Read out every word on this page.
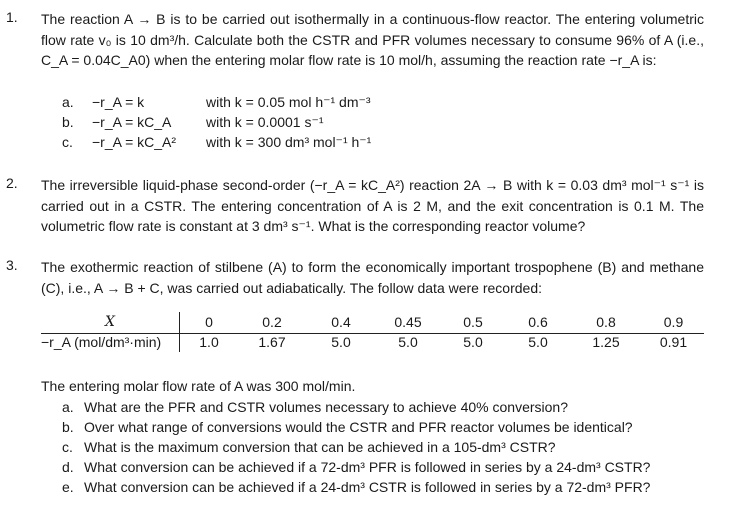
1. The reaction A → B is to be carried out isothermally in a continuous-flow reactor. The entering volumetric flow rate v₀ is 10 dm³/h. Calculate both the CSTR and PFR volumes necessary to consume 96% of A (i.e., C_A = 0.04C_A0) when the entering molar flow rate is 10 mol/h, assuming the reaction rate −r_A is:
a. −r_A = k	with k = 0.05 mol h⁻¹ dm⁻³
b. −r_A = kC_A with k = 0.0001 s⁻¹
c. −r_A = kC_A² with k = 300 dm³ mol⁻¹ h⁻¹
2. The irreversible liquid-phase second-order (−r_A = kC_A²) reaction 2A → B with k = 0.03 dm³ mol⁻¹ s⁻¹ is carried out in a CSTR. The entering concentration of A is 2 M, and the exit concentration is 0.1 M. The volumetric flow rate is constant at 3 dm³ s⁻¹. What is the corresponding reactor volume?
3. The exothermic reaction of stilbene (A) to form the economically important trospophene (B) and methane (C), i.e., A → B + C, was carried out adiabatically. The follow data were recorded:
X	0	0.2	0.4	0.45	0.5	0.6	0.8	0.9
−r_A (mol/dm³·min)	1.0	1.67	5.0	5.0	5.0	5.0	1.25	0.91
The entering molar flow rate of A was 300 mol/min.
a. What are the PFR and CSTR volumes necessary to achieve 40% conversion?
b. Over what range of conversions would the CSTR and PFR reactor volumes be identical?
c. What is the maximum conversion that can be achieved in a 105-dm³ CSTR?
d. What conversion can be achieved if a 72-dm³ PFR is followed in series by a 24-dm³ CSTR?
e. What conversion can be achieved if a 24-dm³ CSTR is followed in series by a 72-dm³ PFR?
